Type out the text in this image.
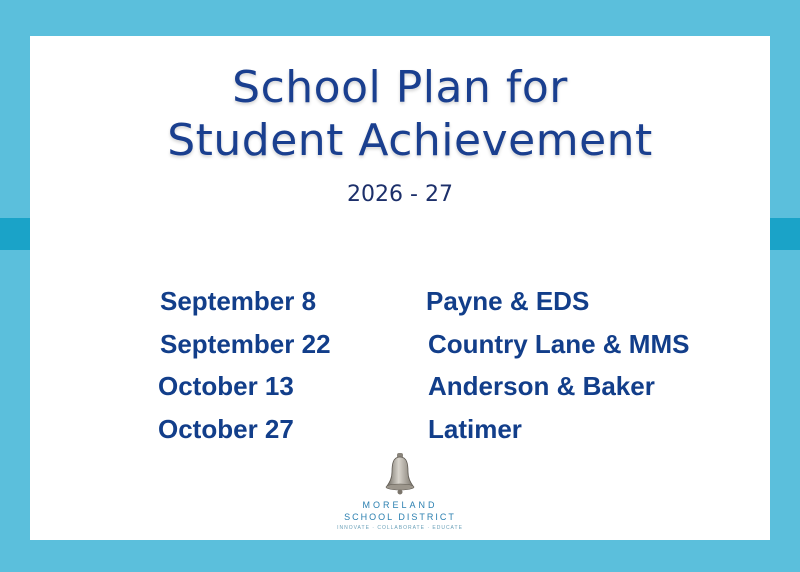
School Plan for
Student Achievement
2026 - 27
September 8	Payne & EDS
September 22	Country Lane & MMS
October 13	Anderson & Baker
October 27	Latimer
MORELAND
SCHOOL DISTRICT
INNOVATE · COLLABORATE · EDUCATE
